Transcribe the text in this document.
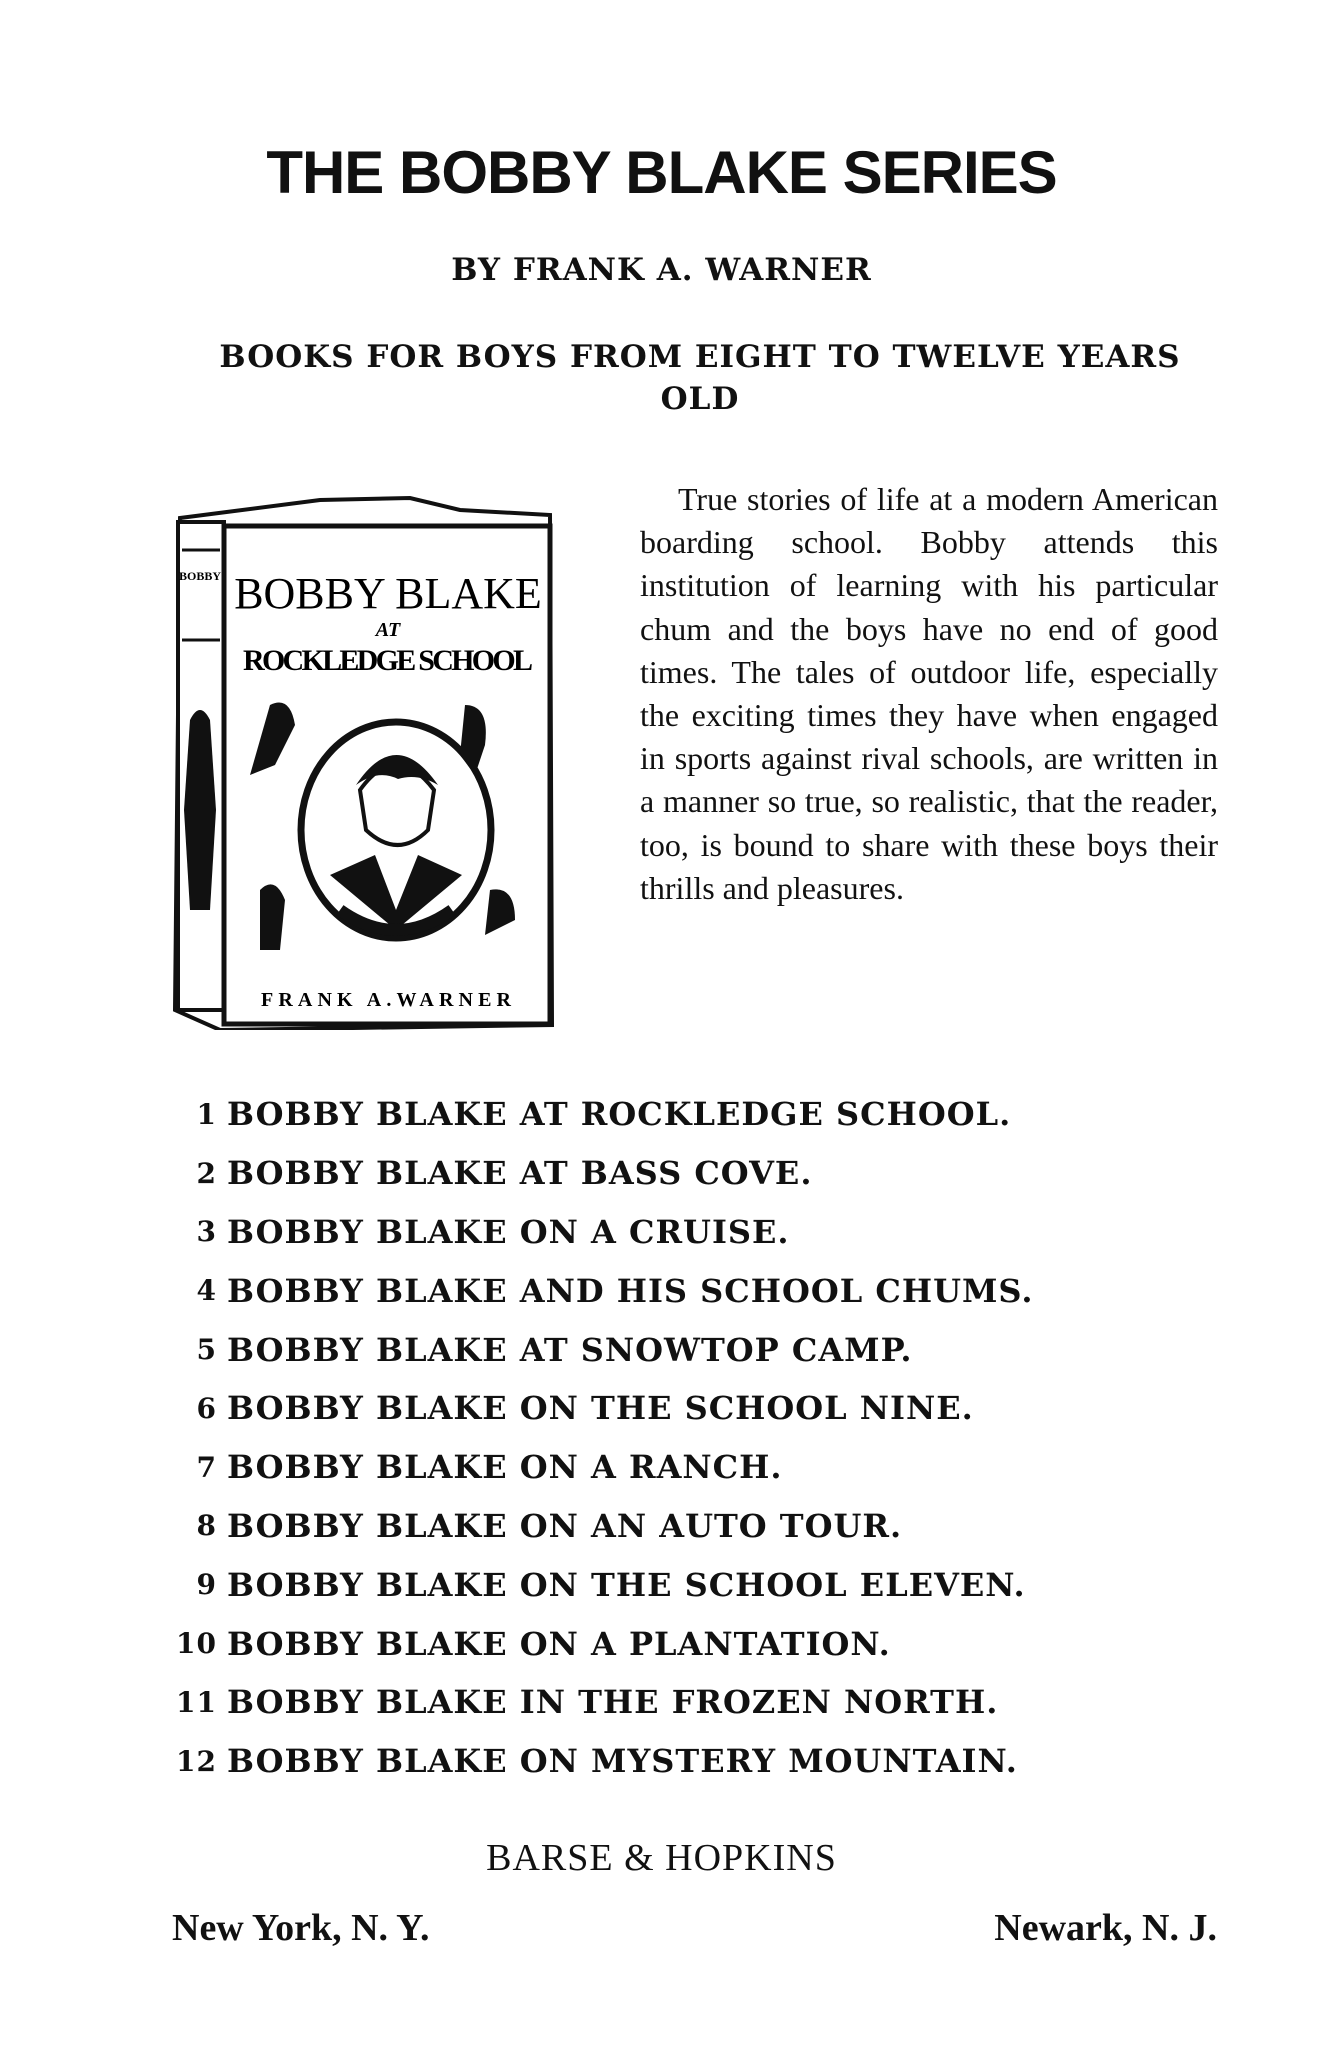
THE BOBBY BLAKE SERIES
BY FRANK A. WARNER
BOOKS FOR BOYS FROM EIGHT TO TWELVE YEARS OLD
BOBBY BOBBY BLAKE
AT
ROCKLEDGE SCHOOL
FRANK A.WARNER

True stories of life at a modern American boarding school. Bobby attends this institution of learning with his particular chum and the boys have no end of good times. The tales of outdoor life, especially the exciting times they have when engaged in sports against rival schools, are written in a manner so true, so realistic, that the reader, too, is bound to share with these boys their thrills and pleasures.

1 BOBBY BLAKE AT ROCKLEDGE SCHOOL.
2 BOBBY BLAKE AT BASS COVE.
3 BOBBY BLAKE ON A CRUISE.
4 BOBBY BLAKE AND HIS SCHOOL CHUMS.
5 BOBBY BLAKE AT SNOWTOP CAMP.
6 BOBBY BLAKE ON THE SCHOOL NINE.
7 BOBBY BLAKE ON A RANCH.
8 BOBBY BLAKE ON AN AUTO TOUR.
9 BOBBY BLAKE ON THE SCHOOL ELEVEN.
10 BOBBY BLAKE ON A PLANTATION.
11 BOBBY BLAKE IN THE FROZEN NORTH.
12 BOBBY BLAKE ON MYSTERY MOUNTAIN.
BARSE & HOPKINS
New York, N. Y.	Newark, N. J.
